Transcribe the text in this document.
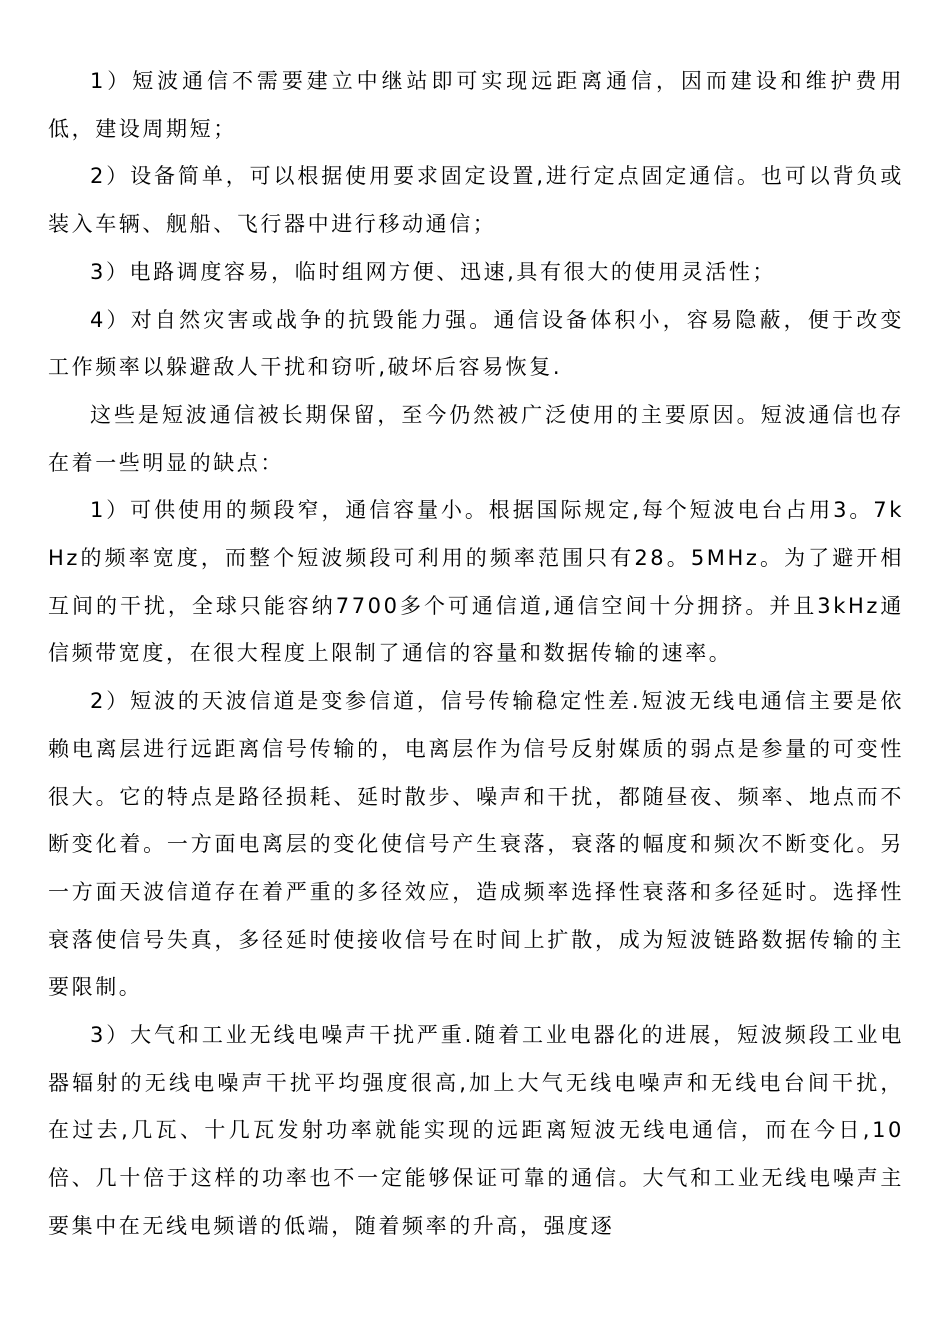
1）短波通信不需要建立中继站即可实现远距离通信，因而建设和维护费用低，建设周期短；

2）设备简单，可以根据使用要求固定设置,进行定点固定通信。也可以背负或装入车辆、舰船、飞行器中进行移动通信；

3）电路调度容易，临时组网方便、迅速,具有很大的使用灵活性；

4）对自然灾害或战争的抗毁能力强。通信设备体积小，容易隐蔽，便于改变工作频率以躲避敌人干扰和窃听,破坏后容易恢复.

这些是短波通信被长期保留，至今仍然被广泛使用的主要原因。短波通信也存在着一些明显的缺点：

1）可供使用的频段窄，通信容量小。根据国际规定,每个短波电台占用3。7kHz的频率宽度，而整个短波频段可利用的频率范围只有28。5MHz。为了避开相互间的干扰，全球只能容纳7700多个可通信道,通信空间十分拥挤。并且3kHz通信频带宽度，在很大程度上限制了通信的容量和数据传输的速率。

2）短波的天波信道是变参信道，信号传输稳定性差.短波无线电通信主要是依赖电离层进行远距离信号传输的，电离层作为信号反射媒质的弱点是参量的可变性很大。它的特点是路径损耗、延时散步、噪声和干扰，都随昼夜、频率、地点而不断变化着。一方面电离层的变化使信号产生衰落，衰落的幅度和频次不断变化。另一方面天波信道存在着严重的多径效应，造成频率选择性衰落和多径延时。选择性衰落使信号失真，多径延时使接收信号在时间上扩散，成为短波链路数据传输的主要限制。

3）大气和工业无线电噪声干扰严重.随着工业电器化的进展，短波频段工业电器辐射的无线电噪声干扰平均强度很高,加上大气无线电噪声和无线电台间干扰，在过去,几瓦、十几瓦发射功率就能实现的远距离短波无线电通信，而在今日,10倍、几十倍于这样的功率也不一定能够保证可靠的通信。大气和工业无线电噪声主要集中在无线电频谱的低端，随着频率的升高，强度逐
